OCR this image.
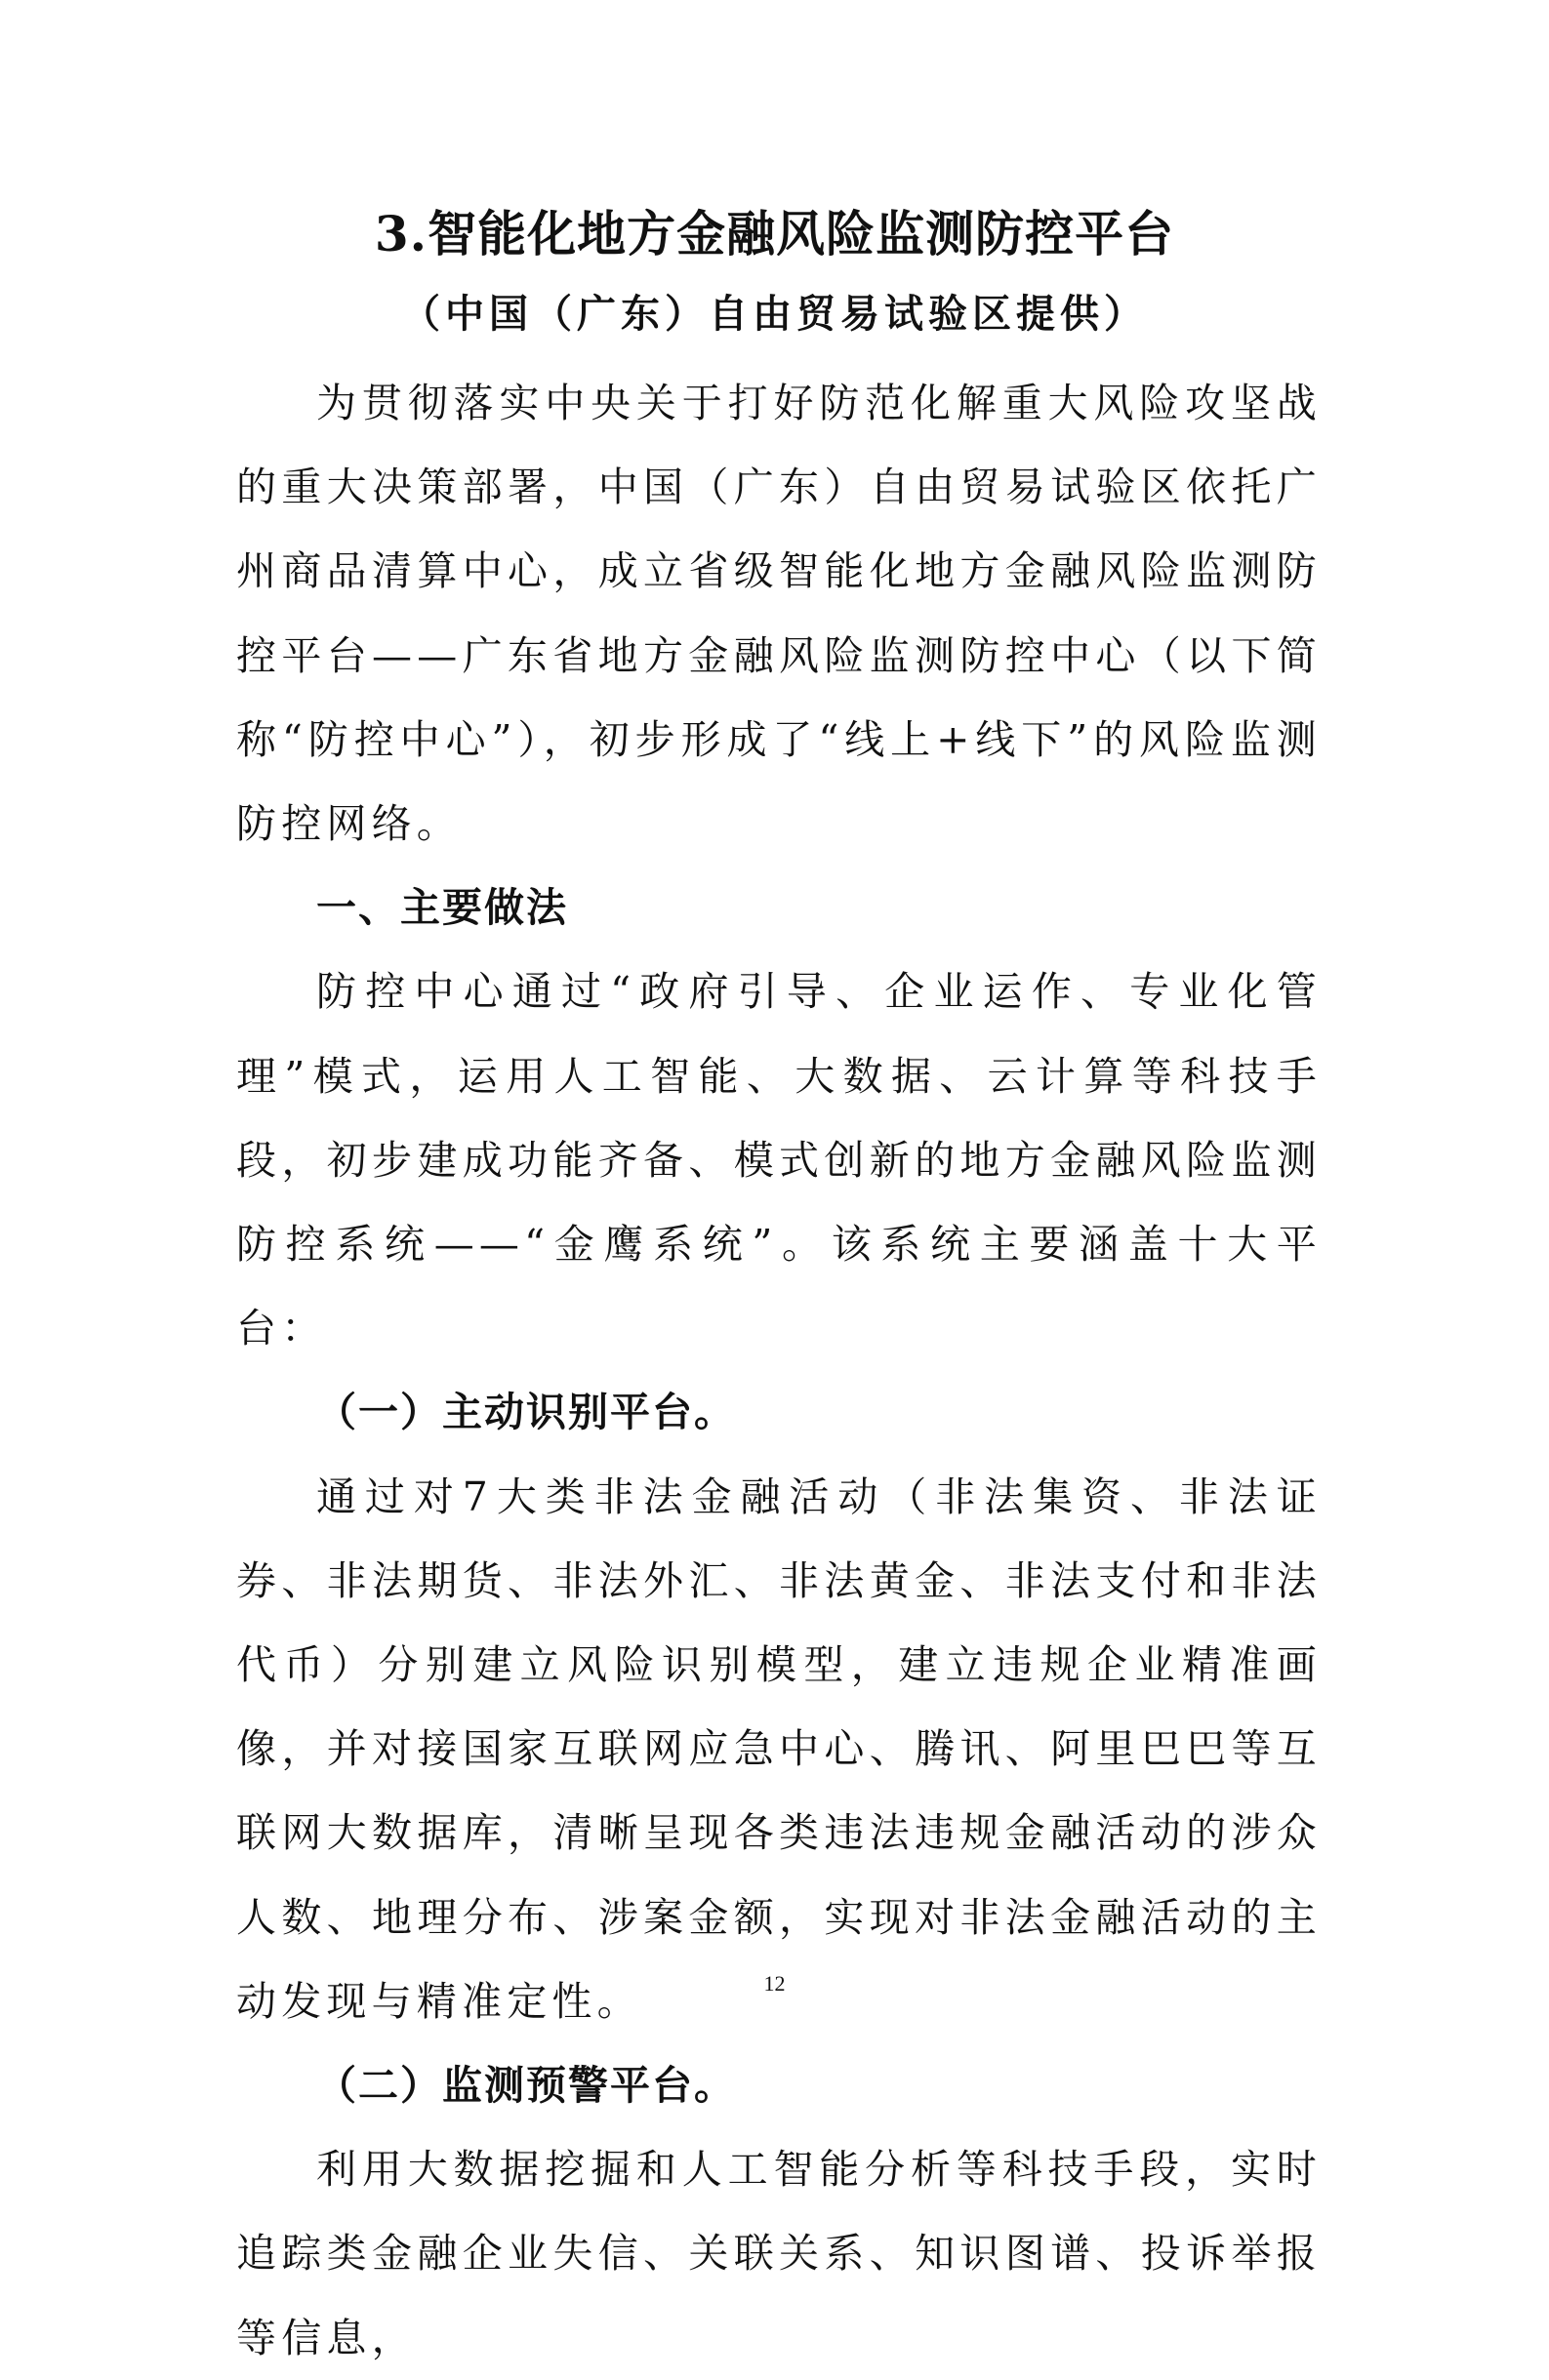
3.智能化地方金融风险监测防控平台
（中国（广东）自由贸易试验区提供）

为贯彻落实中央关于打好防范化解重大风险攻坚战的重大决策部署，中国（广东）自由贸易试验区依托广州商品清算中心，成立省级智能化地方金融风险监测防控平台——广东省地方金融风险监测防控中心（以下简称“防控中心”），初步形成了“线上+线下”的风险监测防控网络。

一、主要做法

防控中心通过“政府引导、企业运作、专业化管理”模式，运用人工智能、大数据、云计算等科技手段，初步建成功能齐备、模式创新的地方金融风险监测防控系统——“金鹰系统”。该系统主要涵盖十大平台：

（一）主动识别平台。

通过对7大类非法金融活动（非法集资、非法证券、非法期货、非法外汇、非法黄金、非法支付和非法代币）分别建立风险识别模型，建立违规企业精准画像，并对接国家互联网应急中心、腾讯、阿里巴巴等互联网大数据库，清晰呈现各类违法违规金融活动的涉众人数、地理分布、涉案金额，实现对非法金融活动的主动发现与精准定性。

（二）监测预警平台。

利用大数据挖掘和人工智能分析等科技手段，实时追踪类金融企业失信、关联关系、知识图谱、投诉举报等信息，

12
